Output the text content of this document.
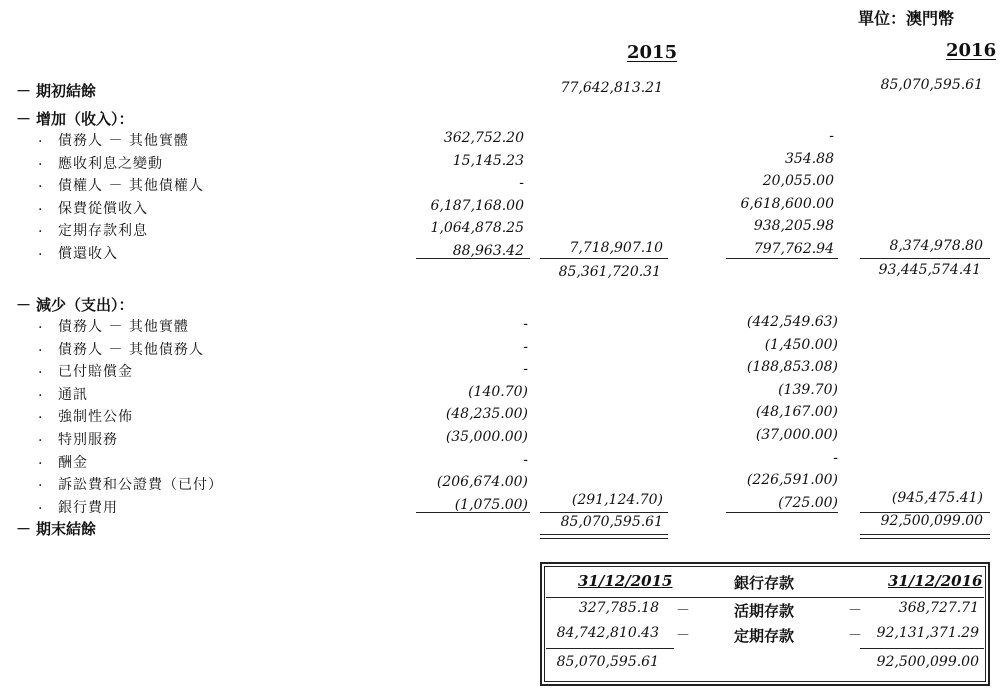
單位：澳門幣
2015	2016
－ 期初結餘	77,642,813.21	85,070,595.61
－ 增加（收入）：
. 債務人 － 其他實體	362,752.20	-
. 應收利息之變動	15,145.23	354.88
. 債權人 － 其他債權人	-	20,055.00
. 保費從償收入	6,187,168.00	6,618,600.00
. 定期存款利息	1,064,878.25	938,205.98
. 償還收入	88,963.42	797,762.94
7,718,907.10	8,374,978.80
85,361,720.31	93,445,574.41
－ 減少（支出）：
. 債務人 － 其他實體	-	(442,549.63)
. 債務人 － 其他債務人	-	(1,450.00)
. 已付賠償金	-	(188,853.08)
. 通訊	(140.70)	(139.70)
. 強制性公佈	(48,235.00)	(48,167.00)
. 特別服務	(35,000.00)	(37,000.00)
. 酬金	-	-
. 訴訟費和公證費（已付）	(206,674.00)	(226,591.00)
. 銀行費用	(1,075.00)	(725.00)
(291,124.70)	(945,475.41)
－ 期末結餘	85,070,595.61	92,500,099.00
31/12/2015	銀行存款	31/12/2016
327,785.18 －	活期存款	－	368,727.71
84,742,810.43 －	定期存款	－ 92,131,371.29
85,070,595.61	92,500,099.00
